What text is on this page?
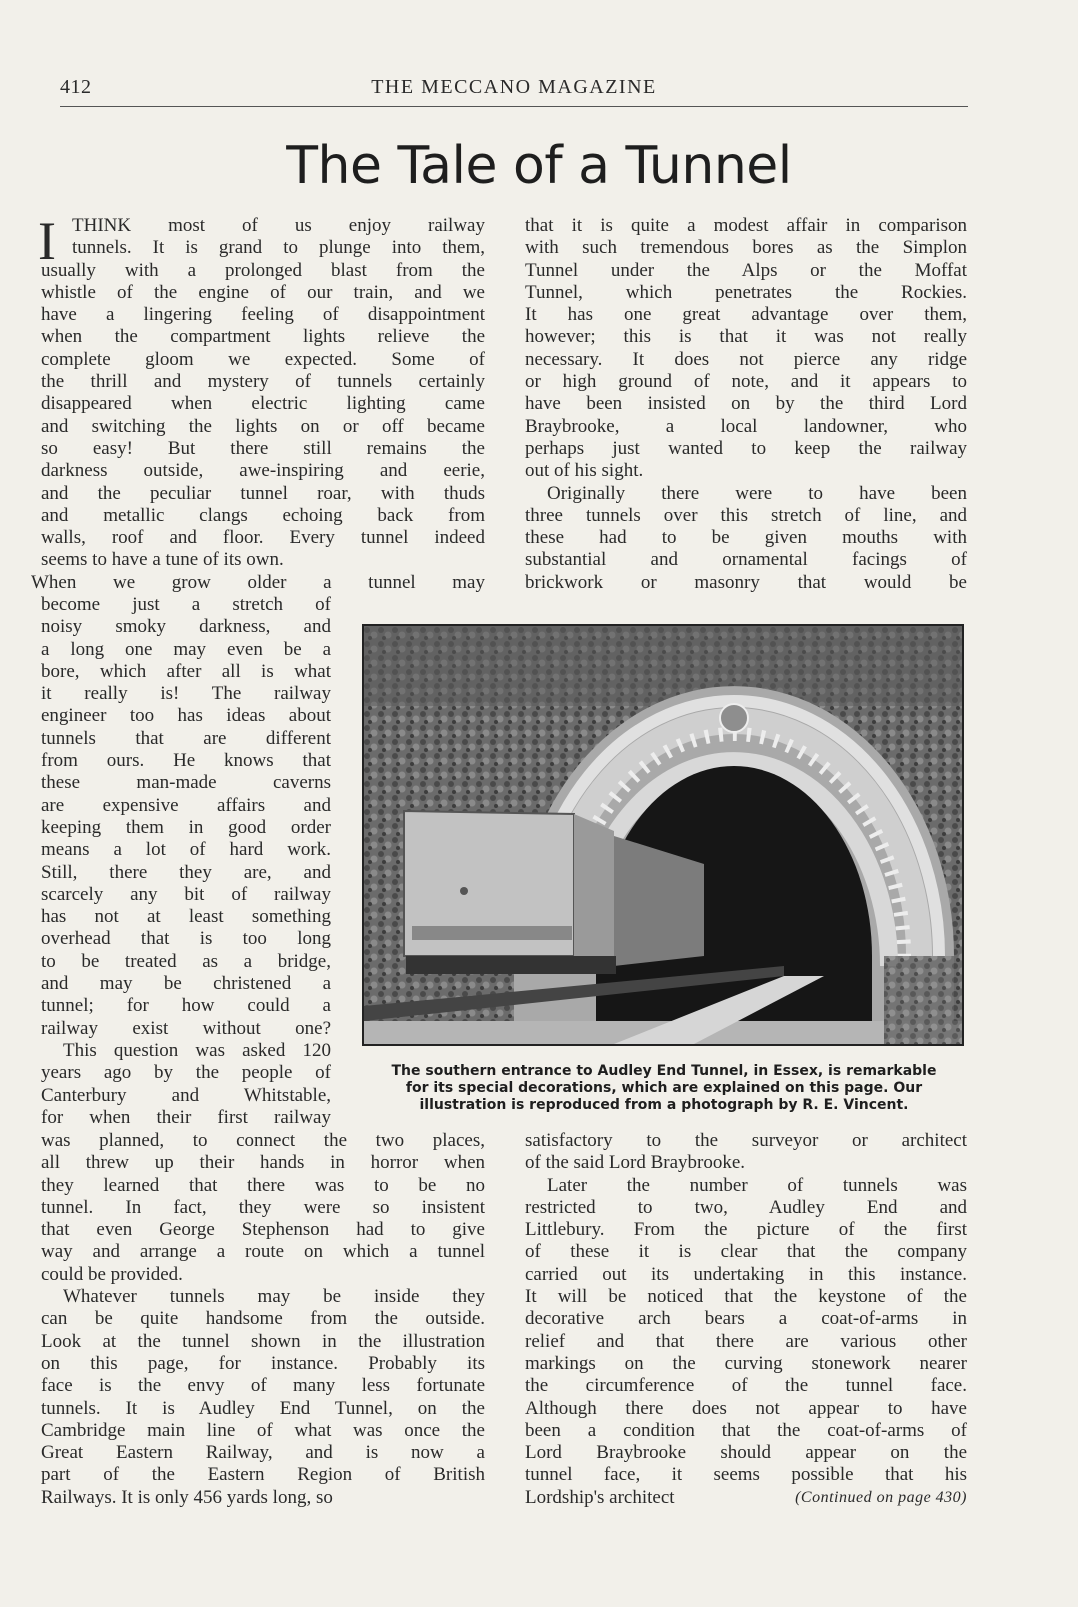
412	THE MECCANO MAGAZINE
The Tale of a Tunnel
I THINK most of us enjoy railway
tunnels. It is grand to plunge into them,
usually with a prolonged blast from the
whistle of the engine of our train, and we
have a lingering feeling of disappointment
when the compartment lights relieve the
complete gloom we expected. Some of
the thrill and mystery of tunnels certainly
disappeared when electric lighting came
and switching the lights on or off became
so easy! But there still remains the
darkness outside, awe-inspiring and eerie,
and the peculiar tunnel roar, with thuds
and metallic clangs echoing back from
walls, roof and floor. Every tunnel indeed
seems to have a tune of its own.
When we grow older a tunnel may
become just a stretch of
noisy smoky darkness, and
a long one may even be a
bore, which after all is what
it really is! The railway
engineer too has ideas about
tunnels that are different
from ours. He knows that
these man-made caverns
are expensive affairs and
keeping them in good order
means a lot of hard work.
Still, there they are, and
scarcely any bit of railway
has not at least something
overhead that is too long
to be treated as a bridge,
and may be christened a
tunnel; for how could a
railway exist without one?
This question was asked 120
years ago by the people of
Canterbury and Whitstable,
for when their first railway
was planned, to connect the two places,
all threw up their hands in horror when
they learned that there was to be no
tunnel. In fact, they were so insistent
that even George Stephenson had to give
way and arrange a route on which a tunnel
could be provided.
Whatever tunnels may be inside they
can be quite handsome from the outside.
Look at the tunnel shown in the illustration
on this page, for instance. Probably its
face is the envy of many less fortunate
tunnels. It is Audley End Tunnel, on the
Cambridge main line of what was once the
Great Eastern Railway, and is now a
part of the Eastern Region of British
Railways. It is only 456 yards long, so
that it is quite a modest affair in comparison
with such tremendous bores as the Simplon
Tunnel under the Alps or the Moffat
Tunnel, which penetrates the Rockies.
It has one great advantage over them,
however; this is that it was not really
necessary. It does not pierce any ridge
or high ground of note, and it appears to
have been insisted on by the third Lord
Braybrooke, a local landowner, who
perhaps just wanted to keep the railway
out of his sight.
Originally there were to have been
three tunnels over this stretch of line, and
these had to be given mouths with
substantial and ornamental facings of
brickwork or masonry that would be
satisfactory to the surveyor or architect
of the said Lord Braybrooke.
Later the number of tunnels was
restricted to two, Audley End and
Littlebury. From the picture of the first
of these it is clear that the company
carried out its undertaking in this instance.
It will be noticed that the keystone of the
decorative arch bears a coat-of-arms in
relief and that there are various other
markings on the curving stonework nearer
the circumference of the tunnel face.
Although there does not appear to have
been a condition that the coat-of-arms of
Lord Braybrooke should appear on the
tunnel face, it seems possible that his
Lordship's architect	(Continued on page 430)
The southern entrance to Audley End Tunnel, in Essex, is remarkable
for its special decorations, which are explained on this page. Our
illustration is reproduced from a photograph by R. E. Vincent.
